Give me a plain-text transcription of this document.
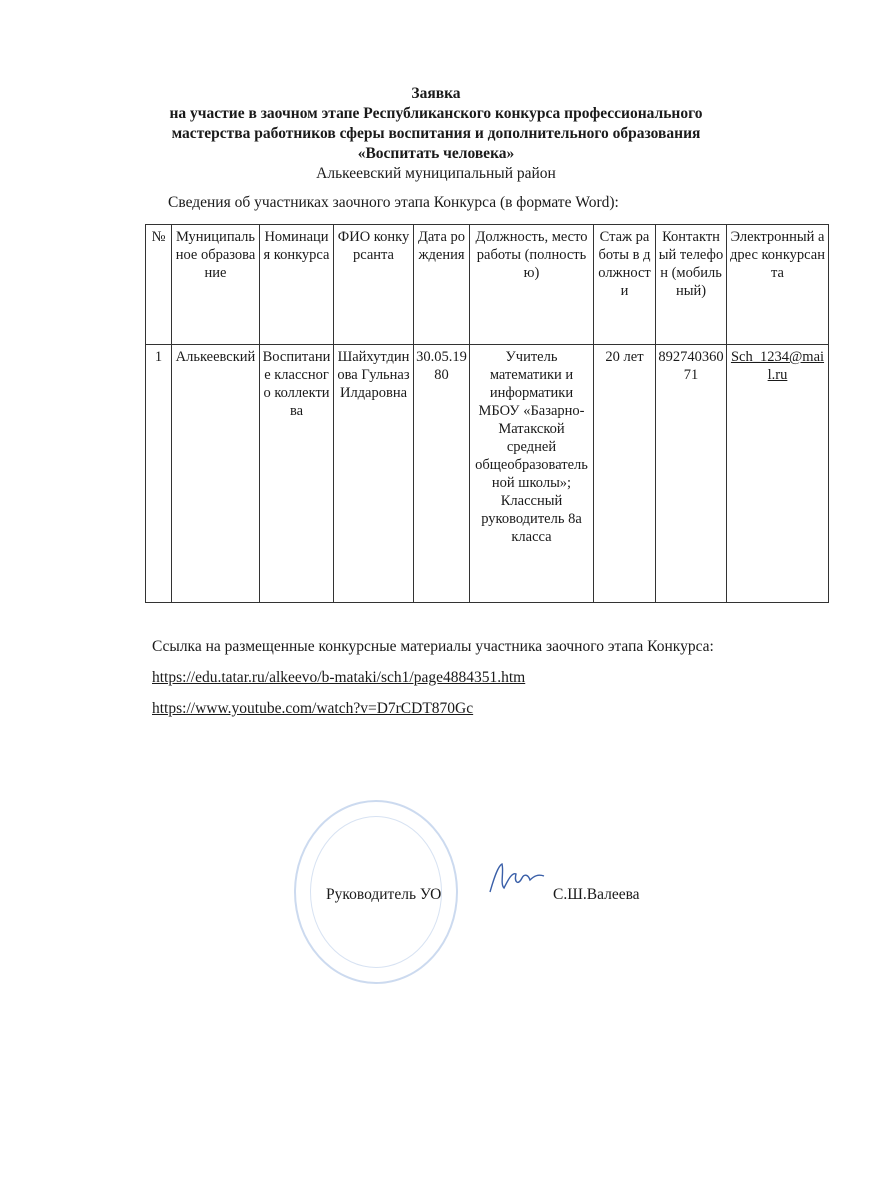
Заявка
на участие в заочном этапе Республиканского конкурса профессионального
мастерства работников сферы воспитания и дополнительного образования
«Воспитать человека»
Алькеевский муниципальный район
Сведения об участниках заочного этапа Конкурса (в формате Word):
№	Муниципальное образование	Номинация конкурса	ФИО конкурсанта	Дата рождения	Должность, место работы (полностью)	Стаж работы в должности	Контактный телефон (мобильный)	Электронный адрес конкурсанта
1	Алькеевский	Воспитание классного коллектива	Шайхутдинова Гульназ Илдаровна	30.05.1980	Учитель математики и информатики МБОУ «Базарно-Матакской средней общеобразовательной школы»; Классный руководитель 8а класса	20 лет	89274036071	Sch_1234@mail.ru
Ссылка на размещенные конкурсные материалы участника заочного этапа Конкурса:
https://edu.tatar.ru/alkeevo/b-mataki/sch1/page4884351.htm
https://www.youtube.com/watch?v=D7rCDT870Gc
Руководитель УО	С.Ш.Валеева
